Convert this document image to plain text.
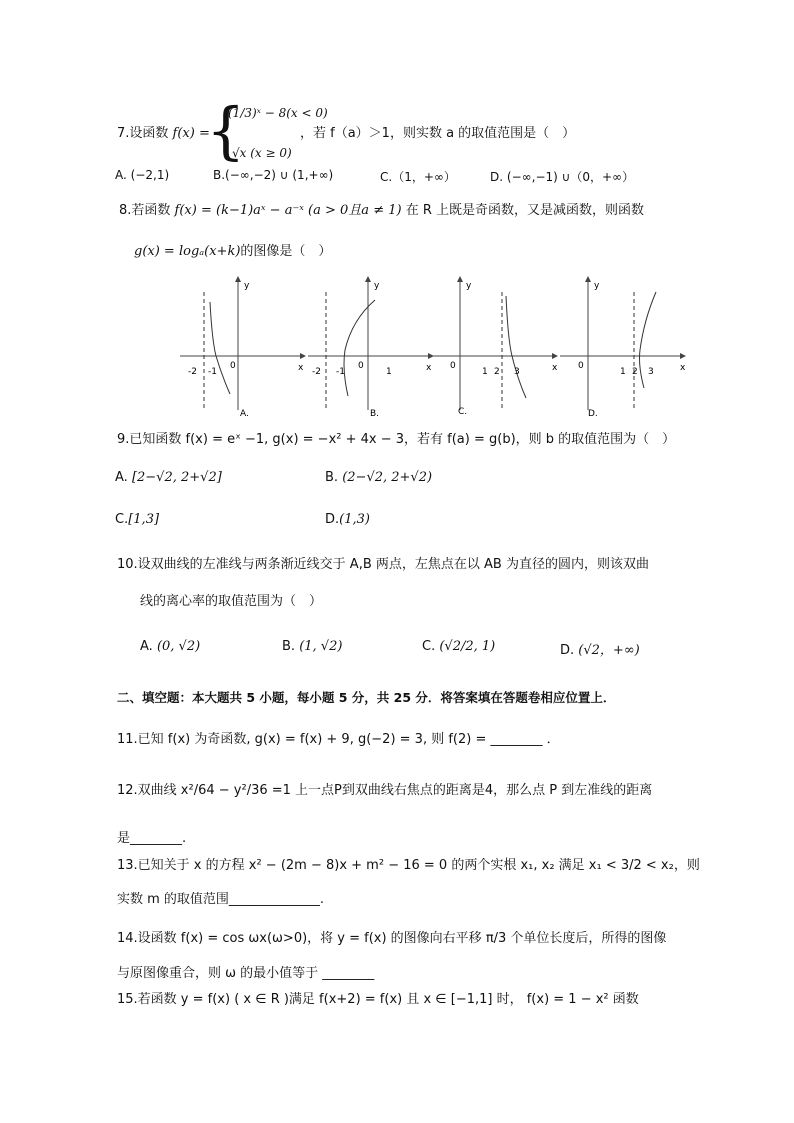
7.设函数 f(x) =
{
(1/3)ˣ − 8(x < 0)
√x (x ≥ 0)
，若 f（a）＞1，则实数 a 的取值范围是（　）
A. (−2,1)	B.(−∞,−2) ∪ (1,+∞)	C.（1，+∞）	D. (−∞,−1) ∪（0，+∞）
8.若函数 f(x) = (k−1)aˣ − a⁻ˣ (a > 0且a ≠ 1) 在 R 上既是奇函数，又是减函数，则函数
g(x) = logₐ(x+k)的图像是（　）
y
x
-2 -1
0
A.
y
x
-2 -1
0
1
B.
y
x
0
1 2 3
C.
y
x
0
1 2 3
D.
9.已知函数 f(x) = eˣ −1, g(x) = −x² + 4x − 3，若有 f(a) = g(b)，则 b 的取值范围为（　）
A. [2−√2, 2+√2]	B. (2−√2, 2+√2)
C.[1,3]	D.(1,3)
10.设双曲线的左准线与两条渐近线交于 A,B 两点，左焦点在以 AB 为直径的圆内，则该双曲
线的离心率的取值范围为（　）
A. (0, √2)	B. (1, √2)	C. (√2/2, 1)	D. (√2，+∞)
二、填空题：本大题共 5 小题，每小题 5 分，共 25 分．将答案填在答题卷相应位置上．
11.已知 f(x) 为奇函数, g(x) = f(x) + 9, g(−2) = 3, 则 f(2) = ________ ．
12.双曲线 x²/64 − y²/36 =1 上一点P到双曲线右焦点的距离是4，那么点 P 到左准线的距离
是________.
13.已知关于 x 的方程 x² − (2m − 8)x + m² − 16 = 0 的两个实根 x₁, x₂ 满足 x₁ < 3/2 < x₂，则
实数 m 的取值范围______________.
14.设函数 f(x) = cos ωx(ω>0)，将 y = f(x) 的图像向右平移 π/3 个单位长度后，所得的图像
与原图像重合，则 ω 的最小值等于 ________
15.若函数 y = f(x) ( x ∈ R )满足 f(x+2) = f(x) 且 x ∈ [−1,1] 时， f(x) = 1 − x² 函数
